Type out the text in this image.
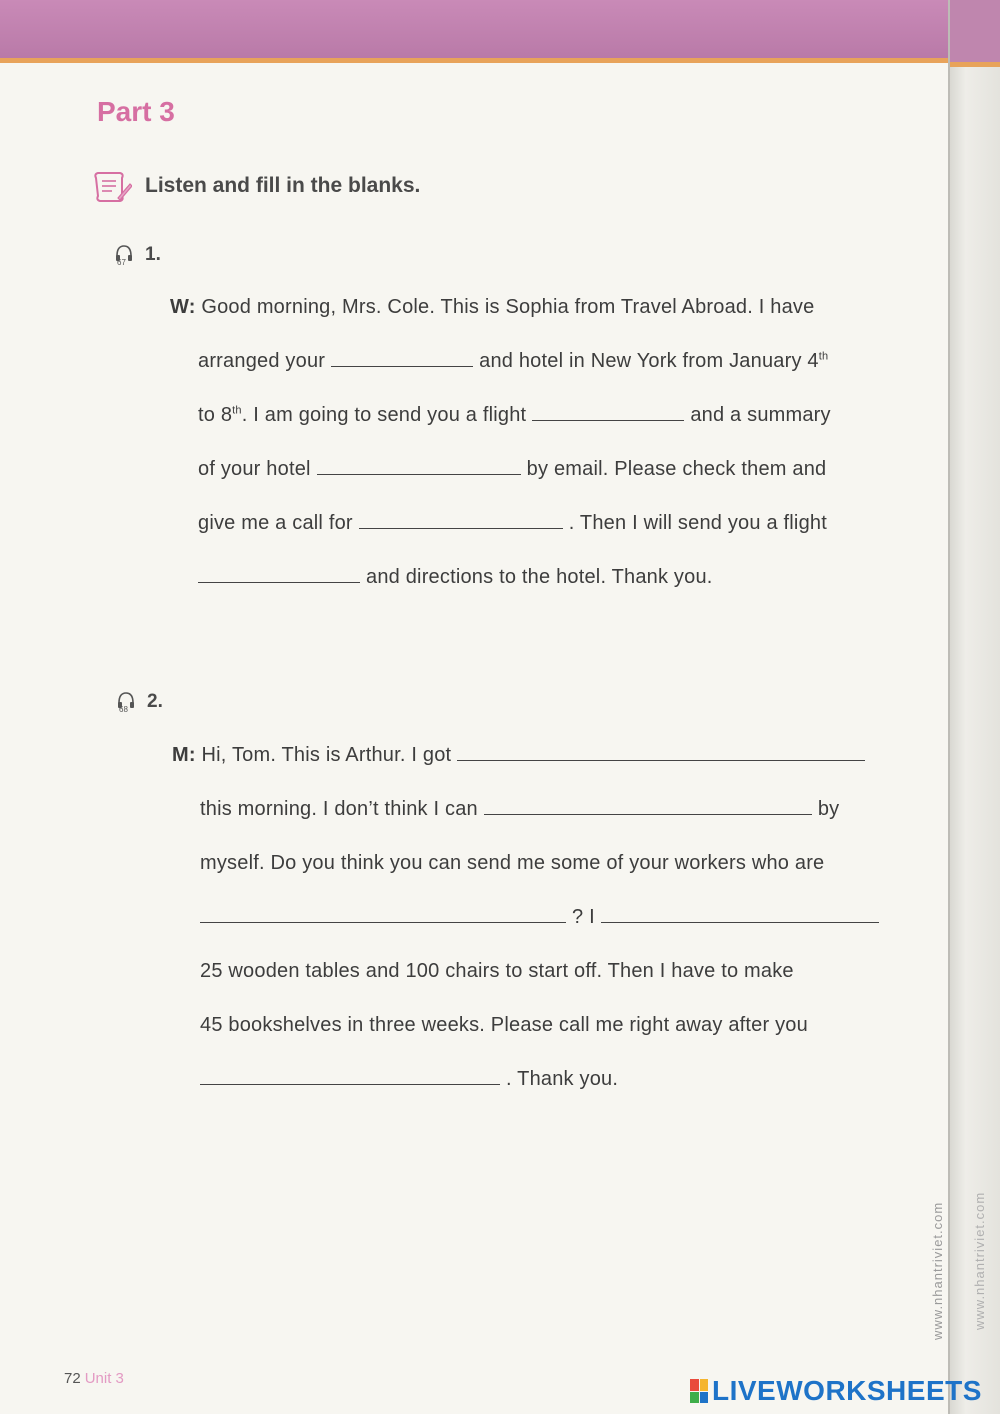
Part 3
Listen and fill in the blanks.
67 1.
W: Good morning, Mrs. Cole. This is Sophia from Travel Abroad. I have
arranged your	and hotel in New York from January 4th
to 8th. I am going to send you a flight	and a summary
of your hotel	by email. Please check them and
give me a call for	. Then I will send you a flight
and directions to the hotel. Thank you.
68 2.
M: Hi, Tom. This is Arthur. I got
this morning. I don’t think I can	by
myself. Do you think you can send me some of your workers who are
? I
25 wooden tables and 100 chairs to start off. Then I have to make
45 bookshelves in three weeks. Please call me right away after you
. Thank you.
www.nhantriviet.com www.nhantriviet.com
72 Unit 3	LIVEWORKSHEETS
